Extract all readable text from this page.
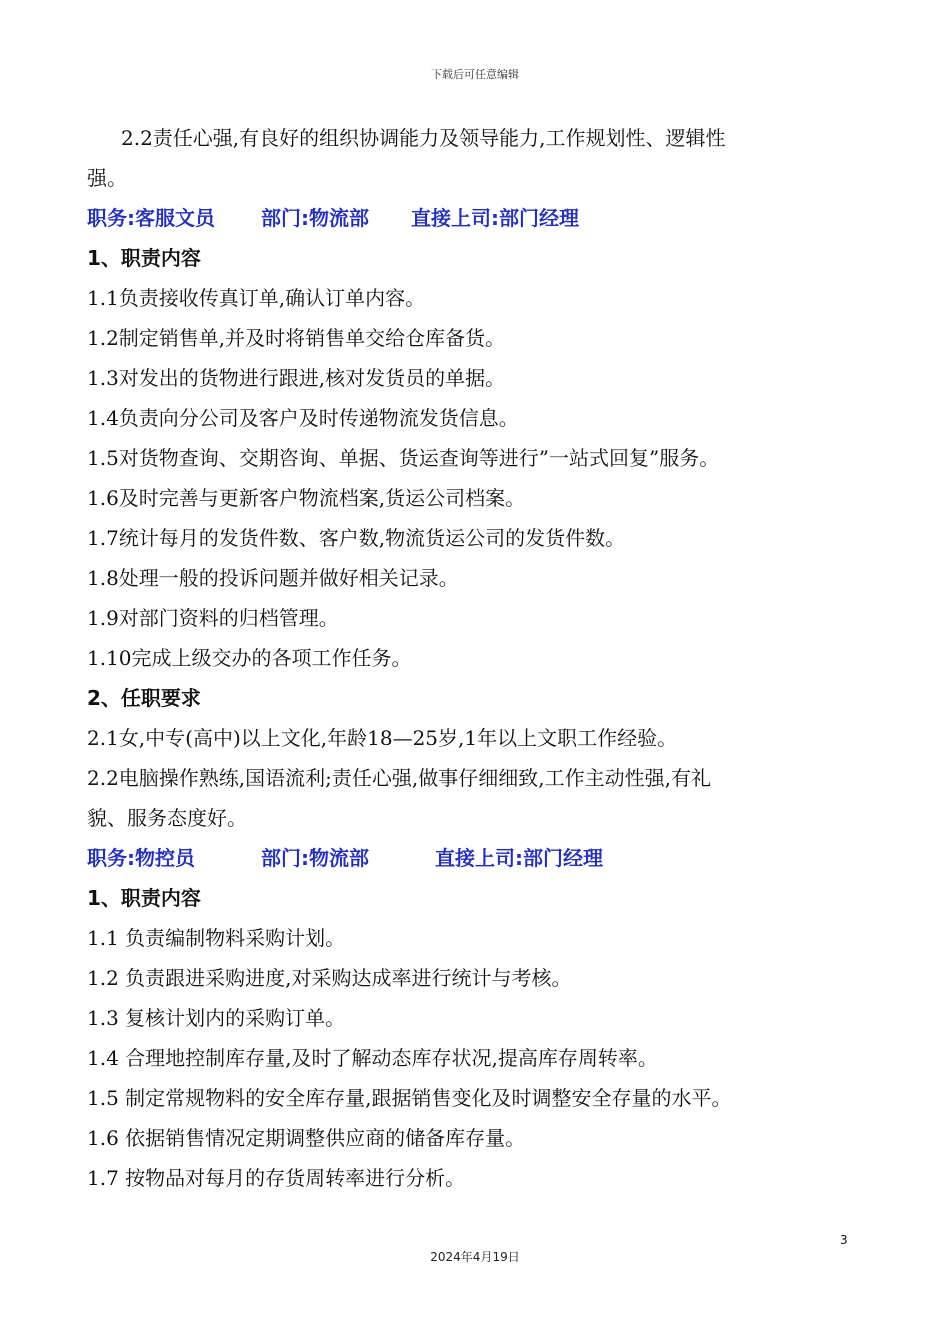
下载后可任意编辑
2.2责任心强,有良好的组织协调能力及领导能力,工作规划性、逻辑性
强。
职务:客服文员 部门:物流部 直接上司:部门经理
1、职责内容
1.1负责接收传真订单,确认订单内容。
1.2制定销售单,并及时将销售单交给仓库备货。
1.3对发出的货物进行跟进,核对发货员的单据。
1.4负责向分公司及客户及时传递物流发货信息。
1.5对货物查询、交期咨询、单据、货运查询等进行”一站式回复”服务。
1.6及时完善与更新客户物流档案,货运公司档案。
1.7统计每月的发货件数、客户数,物流货运公司的发货件数。
1.8处理一般的投诉问题并做好相关记录。
1.9对部门资料的归档管理。
1.10完成上级交办的各项工作任务。
2、任职要求
2.1女,中专(高中)以上文化,年龄18—25岁,1年以上文职工作经验。
2.2电脑操作熟练,国语流利;责任心强,做事仔细细致,工作主动性强,有礼
貌、服务态度好。
职务:物控员	部门:物流部	直接上司:部门经理
1、职责内容
1.1 负责编制物料采购计划。
1.2 负责跟进采购进度,对采购达成率进行统计与考核。
1.3 复核计划内的采购订单。
1.4 合理地控制库存量,及时了解动态库存状况,提高库存周转率。
1.5 制定常规物料的安全库存量,跟据销售变化及时调整安全存量的水平。
1.6 依据销售情况定期调整供应商的储备库存量。
1.7 按物品对每月的存货周转率进行分析。
3
2024年4月19日
